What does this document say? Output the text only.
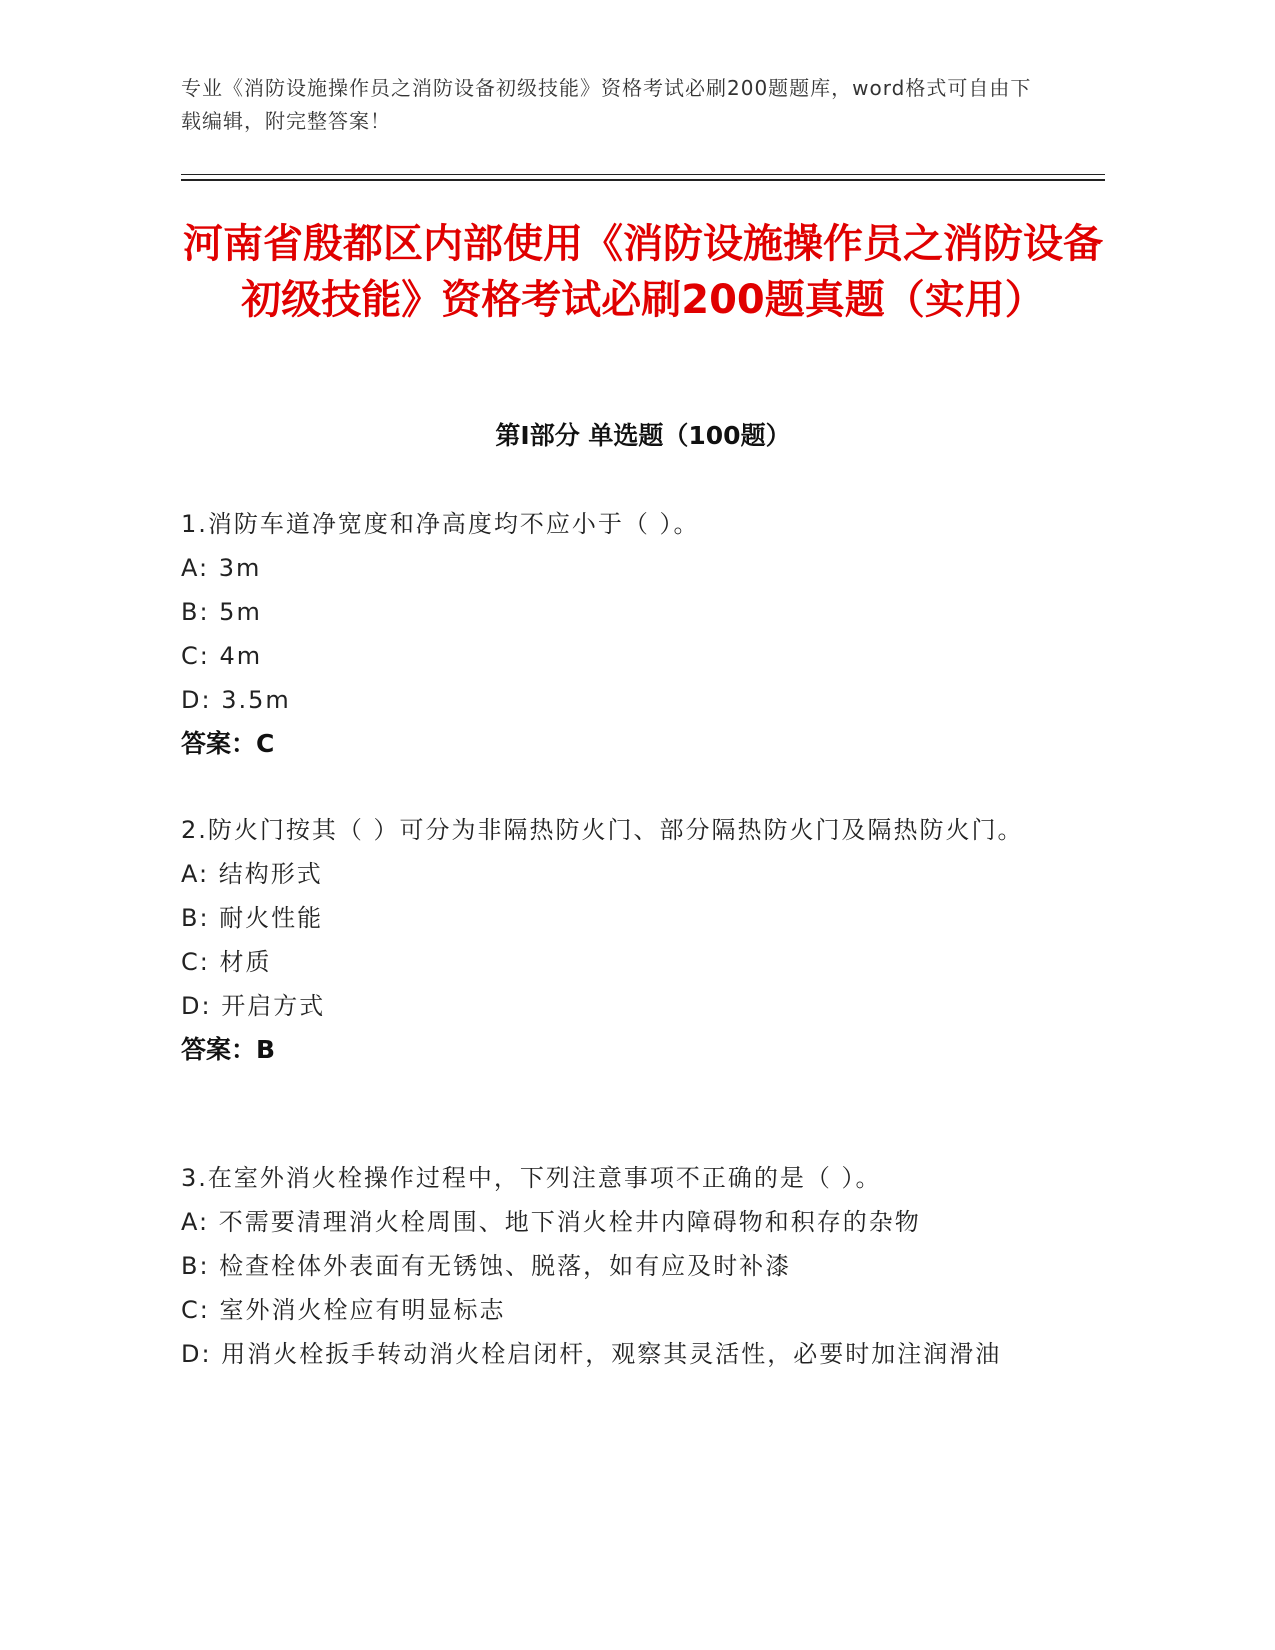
专业《消防设施操作员之消防设备初级技能》资格考试必刷200题题库，word格式可自由下载编辑，附完整答案！
河南省殷都区内部使用《消防设施操作员之消防设备初级技能》资格考试必刷200题真题（实用）
第Ⅰ部分 单选题（100题）

1.消防车道净宽度和净高度均不应小于（ ）。

A: 3m

B: 5m

C: 4m

D: 3.5m

答案：C

2.防火门按其（ ）可分为非隔热防火门、部分隔热防火门及隔热防火门。

A: 结构形式

B: 耐火性能

C: 材质

D: 开启方式

答案：B

3.在室外消火栓操作过程中，下列注意事项不正确的是（ ）。

A: 不需要清理消火栓周围、地下消火栓井内障碍物和积存的杂物

B: 检查栓体外表面有无锈蚀、脱落，如有应及时补漆

C: 室外消火栓应有明显标志

D: 用消火栓扳手转动消火栓启闭杆，观察其灵活性，必要时加注润滑油
